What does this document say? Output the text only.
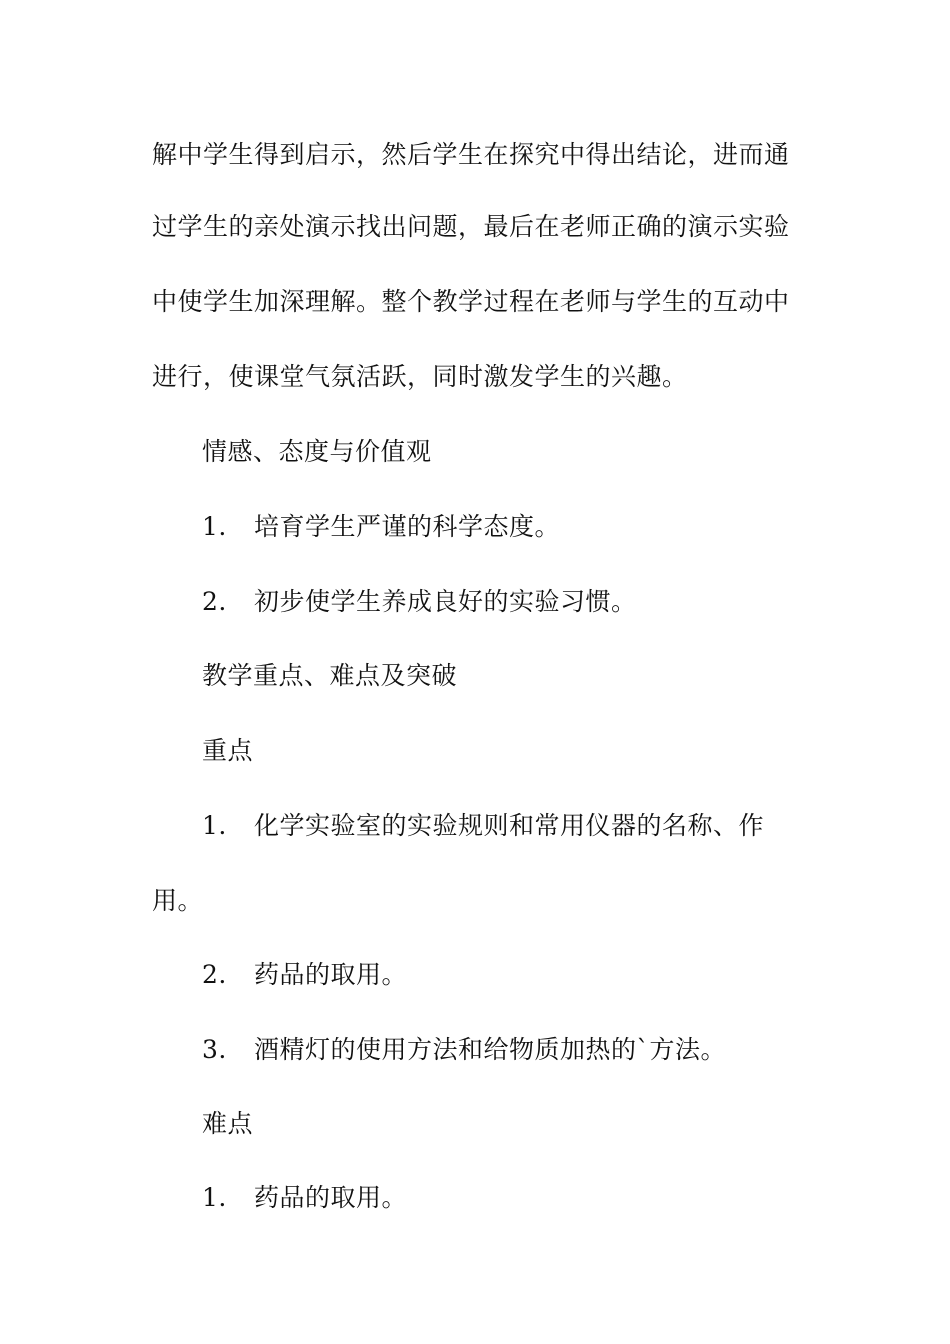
解中学生得到启示，然后学生在探究中得出结论，进而通
过学生的亲处演示找出问题，最后在老师正确的演示实验
中使学生加深理解。整个教学过程在老师与学生的互动中
进行，使课堂气氛活跃，同时激发学生的兴趣。
情感、态度与价值观
1. 培育学生严谨的科学态度。
2. 初步使学生养成良好的实验习惯。
教学重点、难点及突破
重点
1. 化学实验室的实验规则和常用仪器的名称、作
用。
2. 药品的取用。
3. 酒精灯的使用方法和给物质加热的`方法。
难点
1. 药品的取用。
